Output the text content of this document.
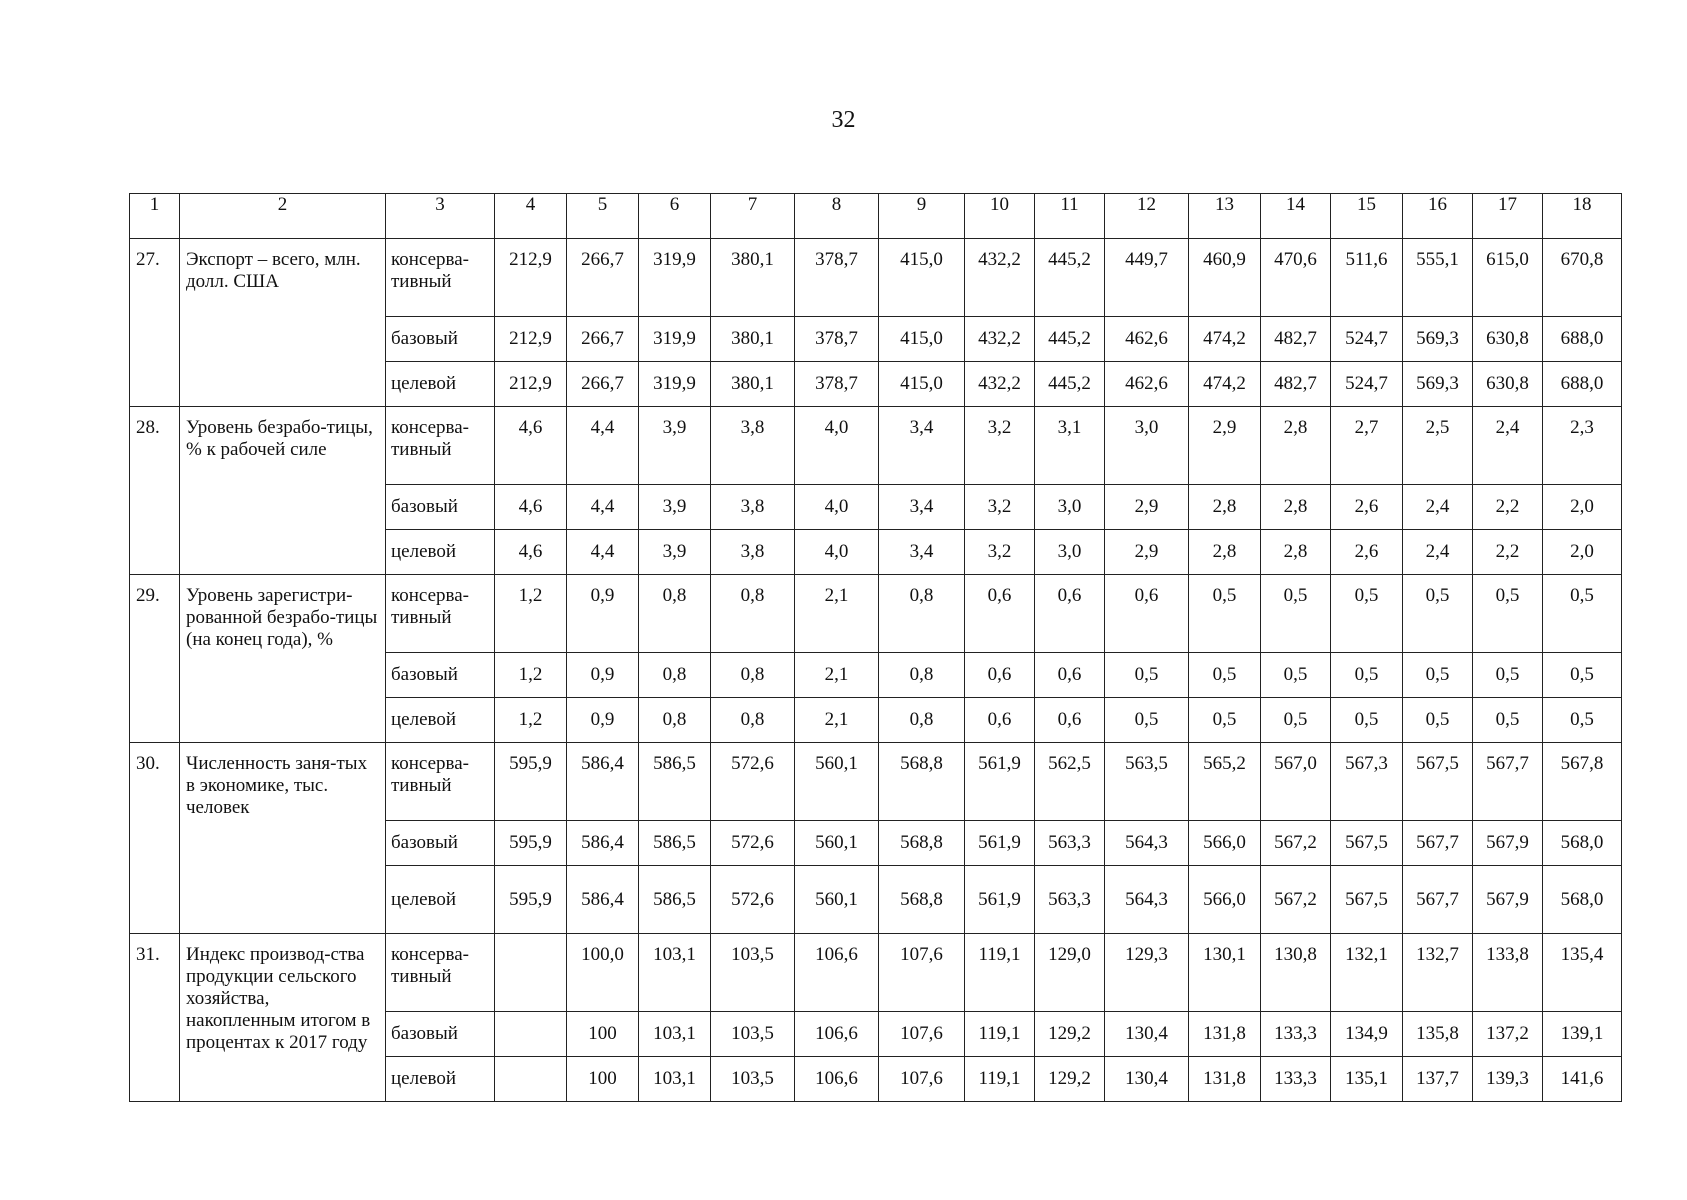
32
1	2	3	4	5	6	7	8	9	10	11	12	13	14	15	16	17	18
27.	Экспорт – всего, млн. долл. США	консерва-тивный	212,9	266,7	319,9	380,1	378,7	415,0	432,2	445,2	449,7	460,9	470,6	511,6	555,1	615,0	670,8
		базовый	212,9	266,7	319,9	380,1	378,7	415,0	432,2	445,2	462,6	474,2	482,7	524,7	569,3	630,8	688,0
		целевой	212,9	266,7	319,9	380,1	378,7	415,0	432,2	445,2	462,6	474,2	482,7	524,7	569,3	630,8	688,0
28.	Уровень безрабо-тицы, % к рабочей силе	консерва-тивный	4,6	4,4	3,9	3,8	4,0	3,4	3,2	3,1	3,0	2,9	2,8	2,7	2,5	2,4	2,3
		базовый	4,6	4,4	3,9	3,8	4,0	3,4	3,2	3,0	2,9	2,8	2,8	2,6	2,4	2,2	2,0
		целевой	4,6	4,4	3,9	3,8	4,0	3,4	3,2	3,0	2,9	2,8	2,8	2,6	2,4	2,2	2,0
29.	Уровень зарегистри-рованной безрабо-тицы (на конец года), %	консерва-тивный	1,2	0,9	0,8	0,8	2,1	0,8	0,6	0,6	0,6	0,5	0,5	0,5	0,5	0,5	0,5
		базовый	1,2	0,9	0,8	0,8	2,1	0,8	0,6	0,6	0,5	0,5	0,5	0,5	0,5	0,5	0,5
		целевой	1,2	0,9	0,8	0,8	2,1	0,8	0,6	0,6	0,5	0,5	0,5	0,5	0,5	0,5	0,5
30.	Численность заня-тых в экономике, тыс. человек	консерва-тивный	595,9	586,4	586,5	572,6	560,1	568,8	561,9	562,5	563,5	565,2	567,0	567,3	567,5	567,7	567,8
		базовый	595,9	586,4	586,5	572,6	560,1	568,8	561,9	563,3	564,3	566,0	567,2	567,5	567,7	567,9	568,0
		целевой	595,9	586,4	586,5	572,6	560,1	568,8	561,9	563,3	564,3	566,0	567,2	567,5	567,7	567,9	568,0
31.	Индекс производ-ства продукции сельского хозяйства, накопленным итогом в процентах к 2017 году	консерва-тивный		100,0	103,1	103,5	106,6	107,6	119,1	129,0	129,3	130,1	130,8	132,1	132,7	133,8	135,4
		базовый		100	103,1	103,5	106,6	107,6	119,1	129,2	130,4	131,8	133,3	134,9	135,8	137,2	139,1
		целевой		100	103,1	103,5	106,6	107,6	119,1	129,2	130,4	131,8	133,3	135,1	137,7	139,3	141,6
